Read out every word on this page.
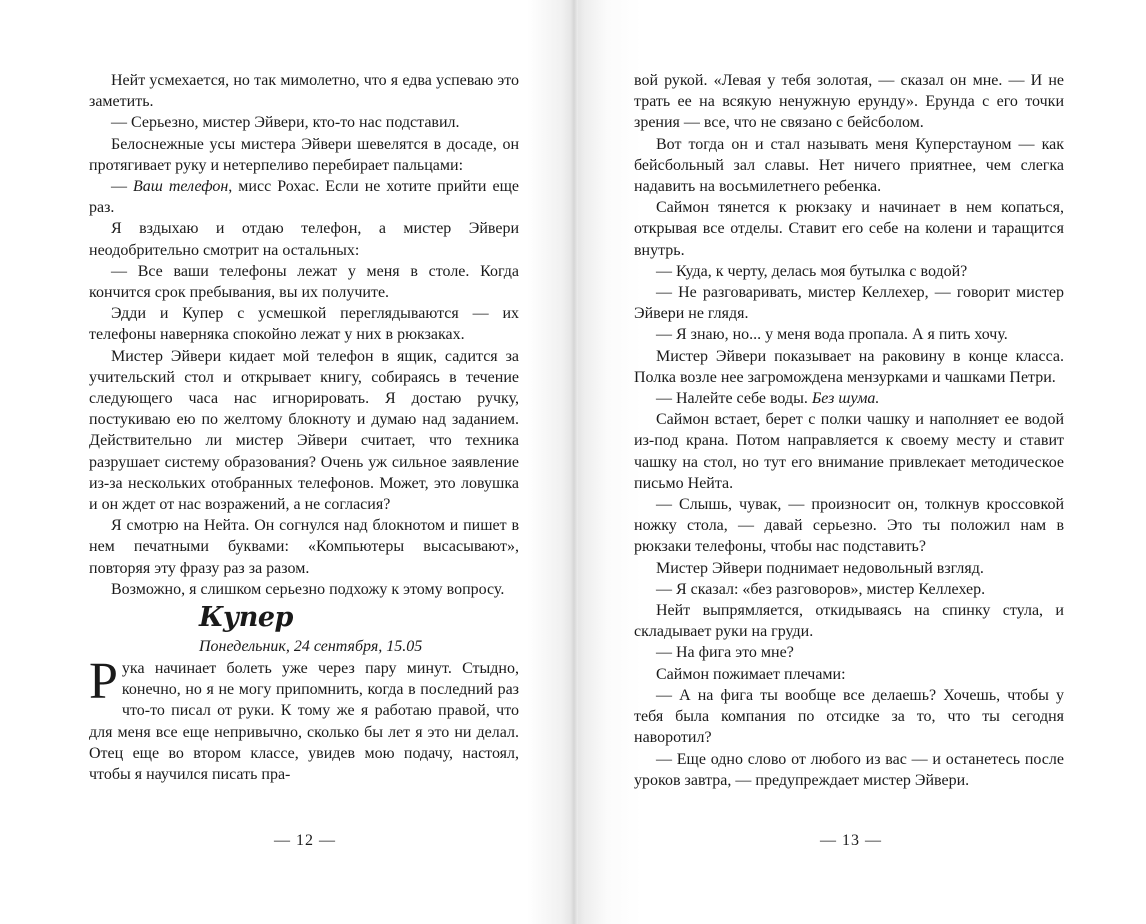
Нейт усмехается, но так мимолетно, что я едва успеваю это заметить.

— Серьезно, мистер Эйвери, кто-то нас подставил.

Белоснежные усы мистера Эйвери шевелятся в досаде, он протягивает руку и нетерпеливо перебирает пальцами:

— Ваш телефон, мисс Рохас. Если не хотите прийти еще раз.

Я вздыхаю и отдаю телефон, а мистер Эйвери неодобрительно смотрит на остальных:

— Все ваши телефоны лежат у меня в столе. Когда кончится срок пребывания, вы их получите.

Эдди и Купер с усмешкой переглядываются — их телефоны наверняка спокойно лежат у них в рюкзаках.

Мистер Эйвери кидает мой телефон в ящик, садится за учительский стол и открывает книгу, собираясь в течение следующего часа нас игнорировать. Я достаю ручку, постукиваю ею по желтому блокноту и думаю над заданием. Действительно ли мистер Эйвери считает, что техника разрушает систему образования? Очень уж сильное заявление из-за нескольких отобранных телефонов. Может, это ловушка и он ждет от нас возражений, а не согласия?

Я смотрю на Нейта. Он согнулся над блокнотом и пишет в нем печатными буквами: «Компьютеры высасывают», повторяя эту фразу раз за разом.

Возможно, я слишком серьезно подхожу к этому вопросу.

Купер

Понедельник, 24 сентября, 15.05

Рука начинает болеть уже через пару минут. Стыдно, конечно, но я не могу припомнить, когда в последний раз что-то писал от руки. К тому же я работаю правой, что для меня все еще непривычно, сколько бы лет я это ни делал. Отец еще во втором классе, увидев мою подачу, настоял, чтобы я научился писать пра-

— 12 —

вой рукой. «Левая у тебя золотая, — сказал он мне. — И не трать ее на всякую ненужную ерунду». Ерунда с его точки зрения — все, что не связано с бейсболом.

Вот тогда он и стал называть меня Куперстауном — как бейсбольный зал славы. Нет ничего приятнее, чем слегка надавить на восьмилетнего ребенка.

Саймон тянется к рюкзаку и начинает в нем копаться, открывая все отделы. Ставит его себе на колени и таращится внутрь.

— Куда, к черту, делась моя бутылка с водой?

— Не разговаривать, мистер Келлехер, — говорит мистер Эйвери не глядя.

— Я знаю, но... у меня вода пропала. А я пить хочу.

Мистер Эйвери показывает на раковину в конце класса. Полка возле нее загромождена мензурками и чашками Петри.

— Налейте себе воды. Без шума.

Саймон встает, берет с полки чашку и наполняет ее водой из-под крана. Потом направляется к своему месту и ставит чашку на стол, но тут его внимание привлекает методическое письмо Нейта.

— Слышь, чувак, — произносит он, толкнув кроссовкой ножку стола, — давай серьезно. Это ты положил нам в рюкзаки телефоны, чтобы нас подставить?

Мистер Эйвери поднимает недовольный взгляд.

— Я сказал: «без разговоров», мистер Келлехер.

Нейт выпрямляется, откидываясь на спинку стула, и складывает руки на груди.

— На фига это мне?

Саймон пожимает плечами:

— А на фига ты вообще все делаешь? Хочешь, чтобы у тебя была компания по отсидке за то, что ты сегодня наворотил?

— Еще одно слово от любого из вас — и останетесь после уроков завтра, — предупреждает мистер Эйвери.

— 13 —
